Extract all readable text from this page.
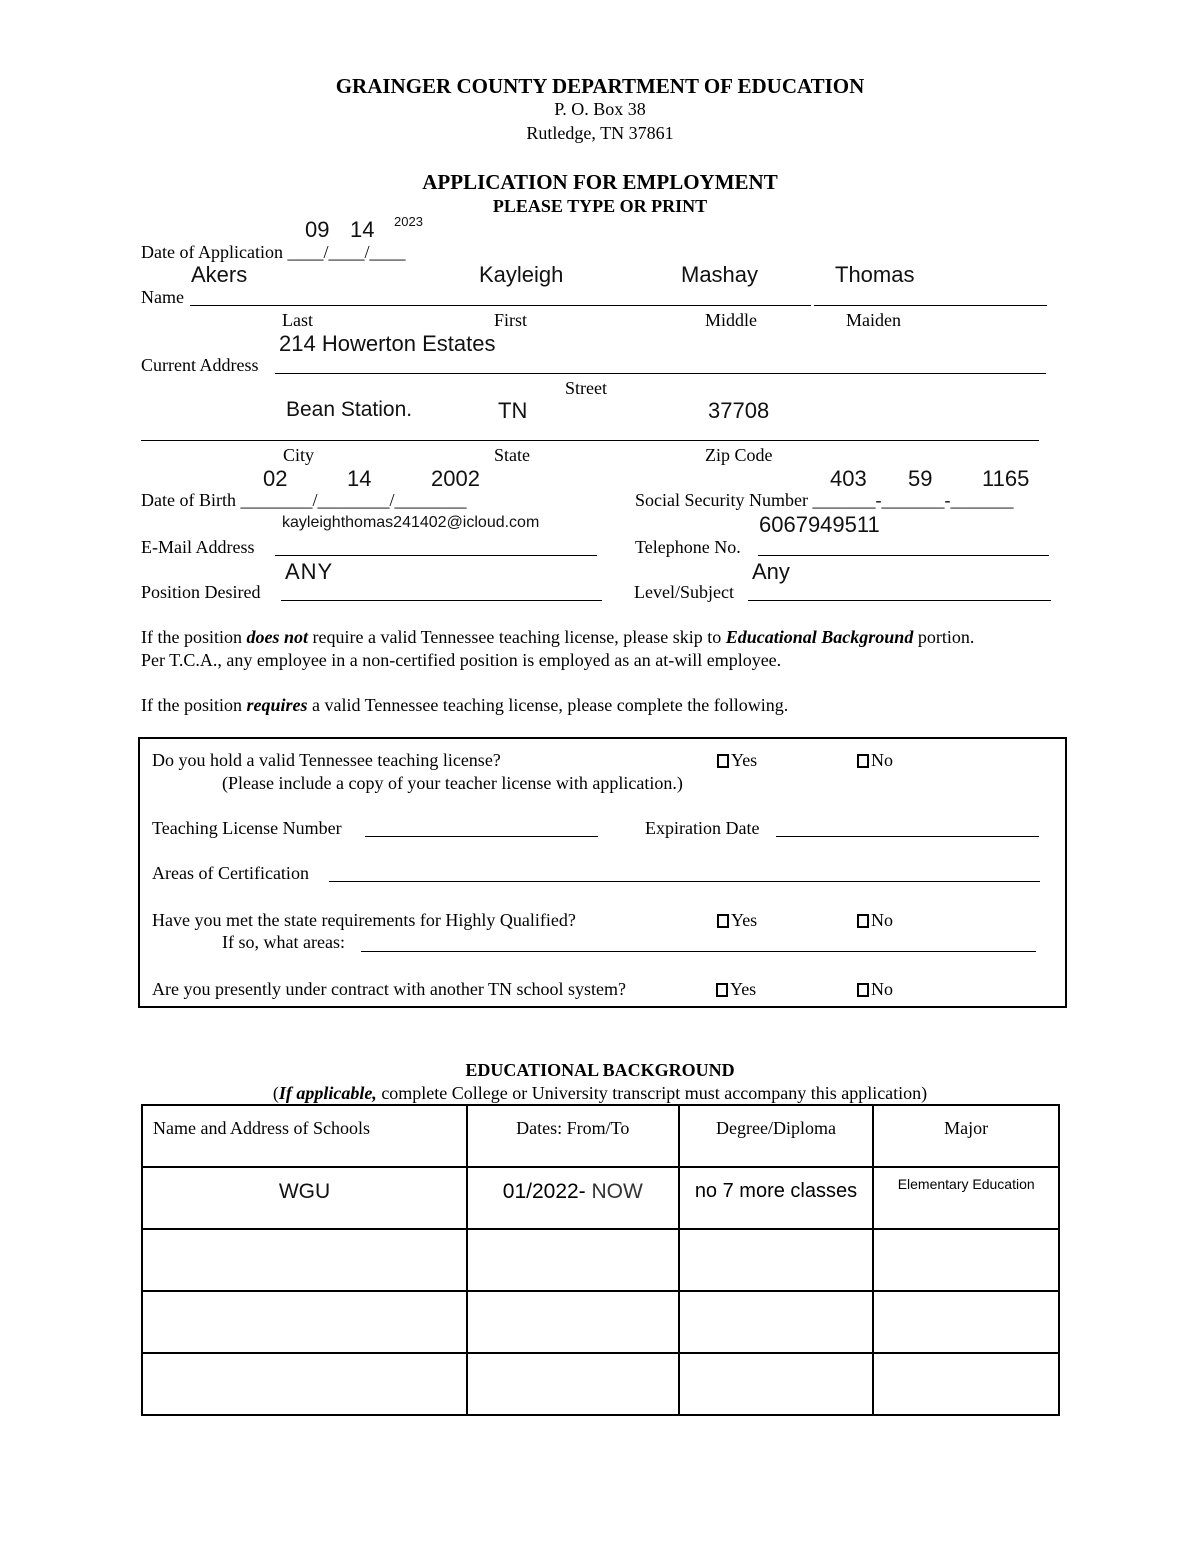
GRAINGER COUNTY DEPARTMENT OF EDUCATION
P. O. Box 38
Rutledge, TN 37861
APPLICATION FOR EMPLOYMENT
PLEASE TYPE OR PRINT
09 14 2023
Date of Application ____/____/____
Akers	Kayleigh	Mashay	Thomas
Name
Last	First	Middle	Maiden
214 Howerton Estates
Current Address
Street
Bean Station.	TN	37708
City	State	Zip Code
02	14	2002
Date of Birth ________/________/________
403 59 1165
Social Security Number _______-_______-_______
kayleighthomas241402@icloud.com
E-Mail Address
6067949511
Telephone No.
ANY
Position Desired
Any
Level/Subject
If the position does not require a valid Tennessee teaching license, please skip to Educational Background portion.
Per T.C.A., any employee in a non-certified position is employed as an at-will employee.
If the position requires a valid Tennessee teaching license, please complete the following.
Do you hold a valid Tennessee teaching license?	Yes	No
(Please include a copy of your teacher license with application.)
Teaching License Number	Expiration Date
Areas of Certification
Have you met the state requirements for Highly Qualified?	Yes	No
If so, what areas:
Are you presently under contract with another TN school system?	Yes	No
EDUCATIONAL BACKGROUND
(If applicable, complete College or University transcript must accompany this application)
Name and Address of Schools	Dates: From/To	Degree/Diploma	Major

WGU	01/2022- NOW	no 7 more classes	Elementary Education
